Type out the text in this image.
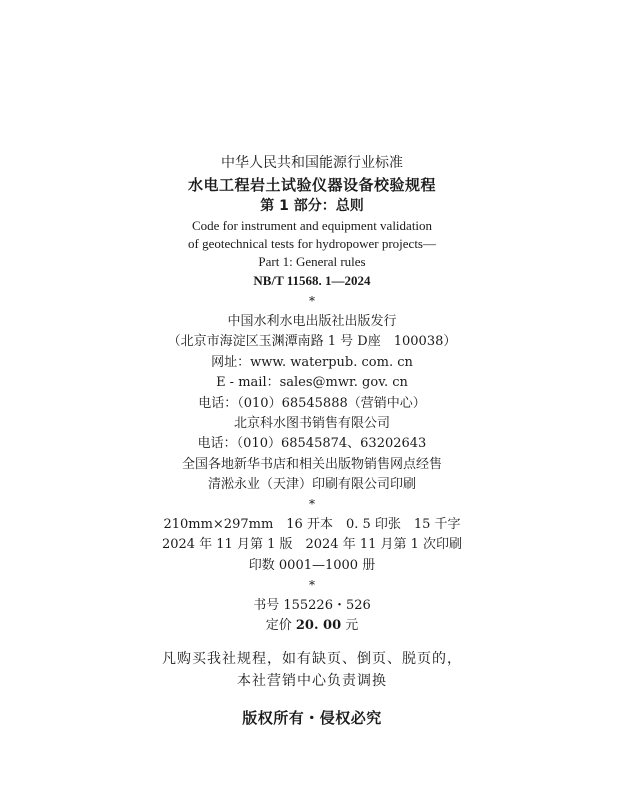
中华人民共和国能源行业标准
水电工程岩土试验仪器设备校验规程
第 1 部分：总则
Code for instrument and equipment validation
of geotechnical tests for hydropower projects—
Part 1: General rules
NB/T 11568. 1—2024
*
中国水利水电出版社出版发行
（北京市海淀区玉渊潭南路 1 号 D座　100038）
网址：www. waterpub. com. cn
E - mail：sales@mwr. gov. cn
电话：（010）68545888（营销中心）
北京科水图书销售有限公司
电话：（010）68545874、63202643
全国各地新华书店和相关出版物销售网点经售
清淞永业（天津）印刷有限公司印刷
*
210mm×297mm　16 开本　0. 5 印张　15 千字
2024 年 11 月第 1 版　2024 年 11 月第 1 次印刷
印数 0001—1000 册
*
书号 155226・526
定价 20. 00 元
凡购买我社规程，如有缺页、倒页、脱页的，
本社营销中心负责调换
版权所有・侵权必究
